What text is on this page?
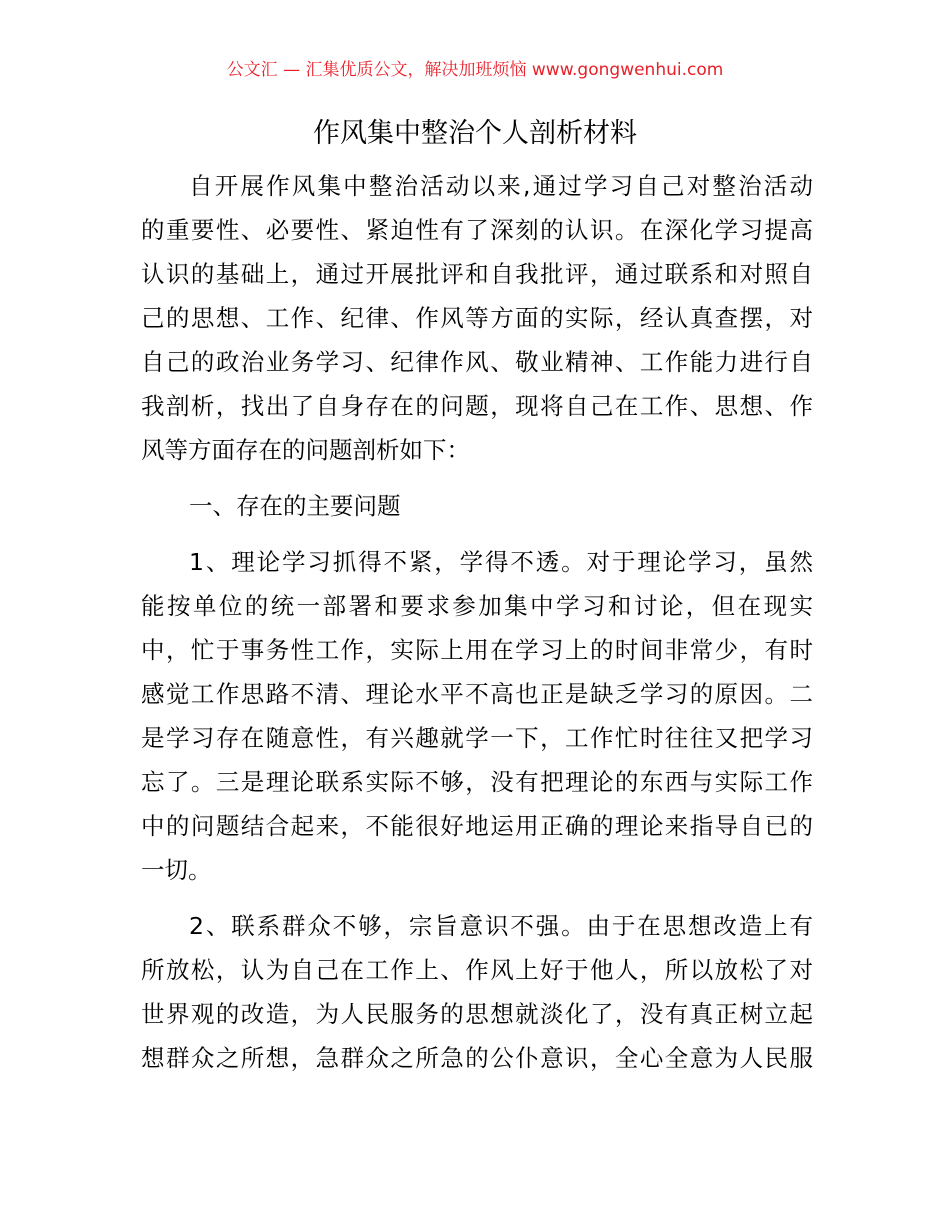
公文汇 — 汇集优质公文，解决加班烦恼 www.gongwenhui.com
作风集中整治个人剖析材料
自开展作风集中整治活动以来,通过学习自己对整治活动
的重要性、必要性、紧迫性有了深刻的认识。在深化学习提高
认识的基础上，通过开展批评和自我批评，通过联系和对照自
己的思想、工作、纪律、作风等方面的实际，经认真查摆，对
自己的政治业务学习、纪律作风、敬业精神、工作能力进行自
我剖析，找出了自身存在的问题，现将自己在工作、思想、作
风等方面存在的问题剖析如下：
一、存在的主要问题
1、理论学习抓得不紧，学得不透。对于理论学习，虽然
能按单位的统一部署和要求参加集中学习和讨论，但在现实
中，忙于事务性工作，实际上用在学习上的时间非常少，有时
感觉工作思路不清、理论水平不高也正是缺乏学习的原因。二
是学习存在随意性，有兴趣就学一下，工作忙时往往又把学习
忘了。三是理论联系实际不够，没有把理论的东西与实际工作
中的问题结合起来，不能很好地运用正确的理论来指导自已的
一切。
2、联系群众不够，宗旨意识不强。由于在思想改造上有
所放松，认为自己在工作上、作风上好于他人，所以放松了对
世界观的改造，为人民服务的思想就淡化了，没有真正树立起
想群众之所想，急群众之所急的公仆意识，全心全意为人民服
